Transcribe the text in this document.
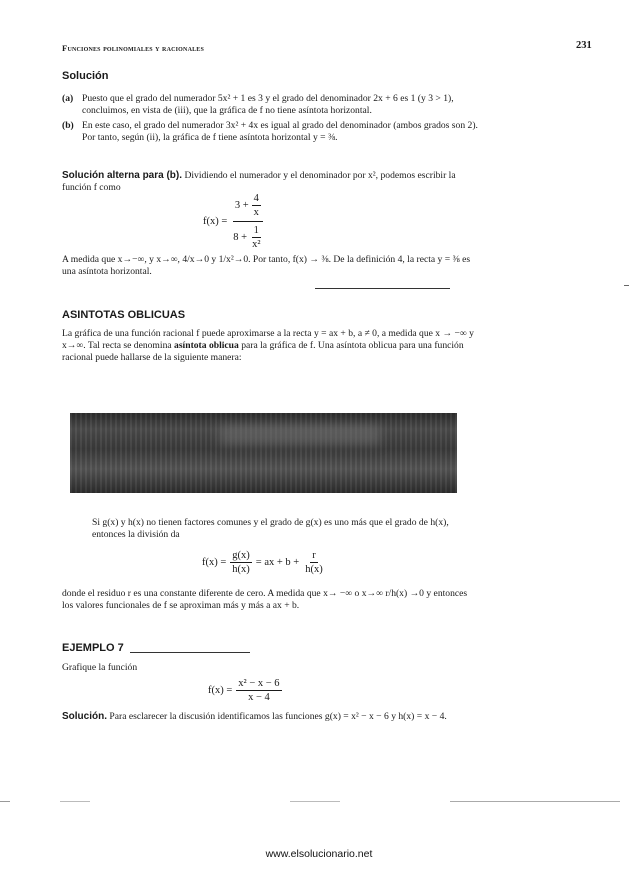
Funciones polinomiales y racionales	231
Solución
(a) Puesto que el grado del numerador 5x² + 1 es 3 y el grado del denominador 2x + 6 es 1 (y 3 > 1), concluimos, en vista de (iii), que la gráfica de f no tiene asíntota horizontal.
(b) En este caso, el grado del numerador 3x² + 4x es igual al grado del denominador (ambos grados son 2). Por tanto, según (ii), la gráfica de f tiene asíntota horizontal y = ⅜.
Solución alterna para (b). Dividiendo el numerador y el denominador por x², podemos escribir la función f como
$f(x) = \frac{3 + \frac{4}{x}}{8 + \frac{1}{\text{x²}}}$
A medida que x→−∞, y x→∞, 4/x→0 y 1/x²→0. Por tanto, f(x) → ⅜. De la definición 4, la recta y = ⅜ es una asíntota horizontal.
ASINTOTAS OBLICUAS
La gráfica de una función racional f puede aproximarse a la recta y = ax + b, a ≠ 0, a medida que x → −∞ y x→∞. Tal recta se denomina asíntota oblicua para la gráfica de f. Una asíntota oblicua para una función racional puede hallarse de la siguiente manera:
Si g(x) y h(x) no tienen factores comunes y el grado de g(x) es uno más que el grado de h(x), entonces la división da
$f(x) = \frac{g(x)}{h(x)}$ = ax + $b + \frac{r}{h(x)}$
donde el residuo r es una constante diferente de cero. A medida que x→ −∞ o x→∞ r/h(x) →0 y entonces los valores funcionales de f se aproximan más y más a ax + b.
EJEMPLO 7
Grafique la función
$f(x) = \frac{\text{x² − x − 6}}{x - 4}$
Solución. Para esclarecer la discusión identificamos las funciones g(x) = x² − x − 6 y h(x) = x − 4.
www.elsolucionario.net
